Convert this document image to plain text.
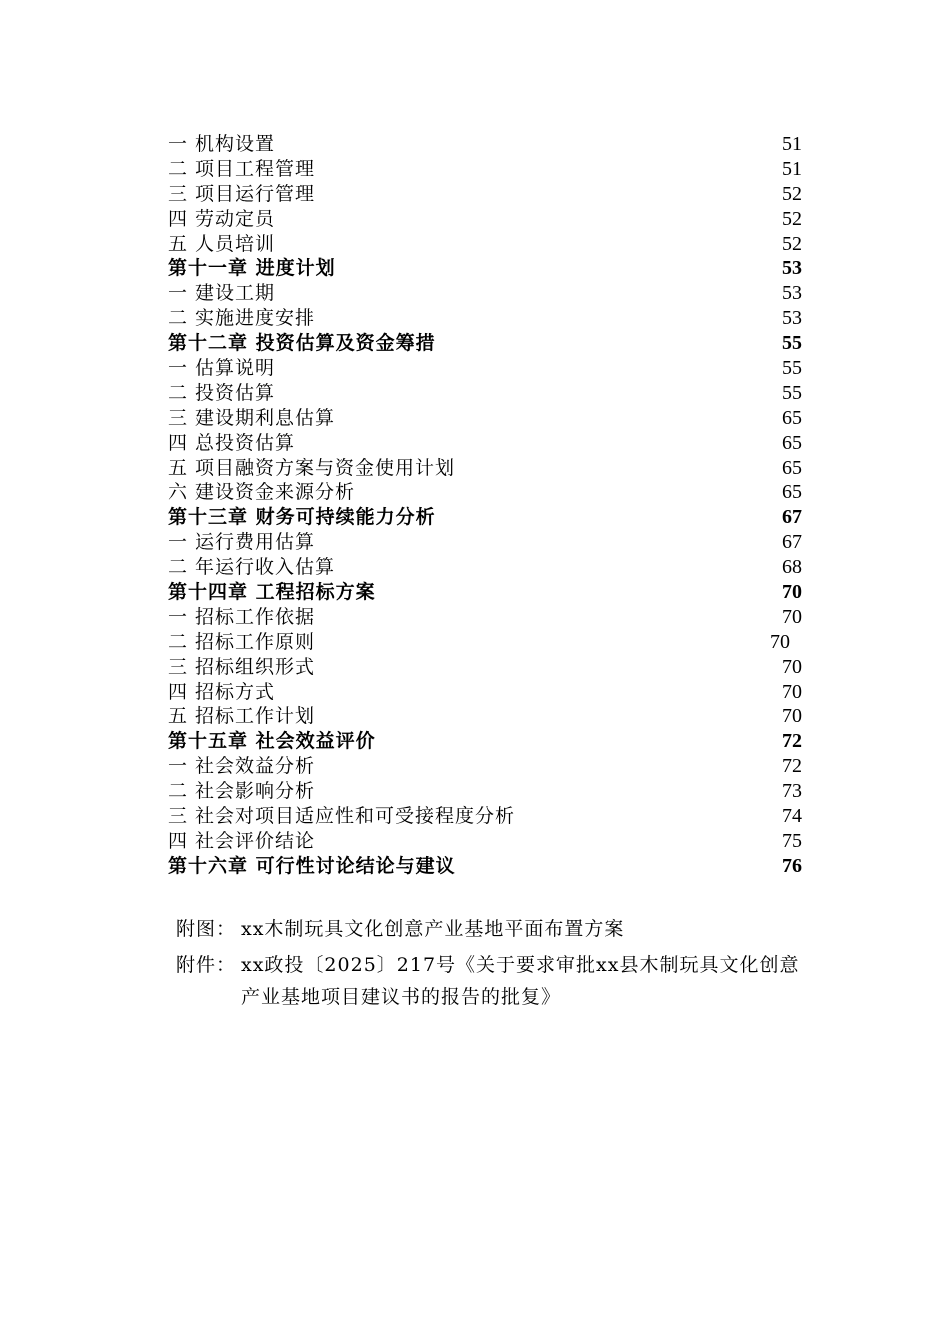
一 机构设置	51
二 项目工程管理	51
三 项目运行管理	52
四 劳动定员	52
五 人员培训	52
第十一章 进度计划	53
一 建设工期	53
二 实施进度安排	53
第十二章 投资估算及资金筹措	55
一 估算说明	55
二 投资估算	55
三 建设期利息估算	65
四 总投资估算	65
五 项目融资方案与资金使用计划	65
六 建设资金来源分析	65
第十三章 财务可持续能力分析	67
一 运行费用估算	67
二 年运行收入估算	68
第十四章 工程招标方案	70
一 招标工作依据	70
二 招标工作原则	70
三 招标组织形式	70
四 招标方式	70
五 招标工作计划	70
第十五章 社会效益评价	72
一 社会效益分析	72
二 社会影响分析	73
三 社会对项目适应性和可受接程度分析	74
四 社会评价结论	75
第十六章 可行性讨论结论与建议	76
附图： xx木制玩具文化创意产业基地平面布置方案
附件： xx政投〔2025〕217号《关于要求审批xx县木制玩具文化创意产业基地项目建议书的报告的批复》
